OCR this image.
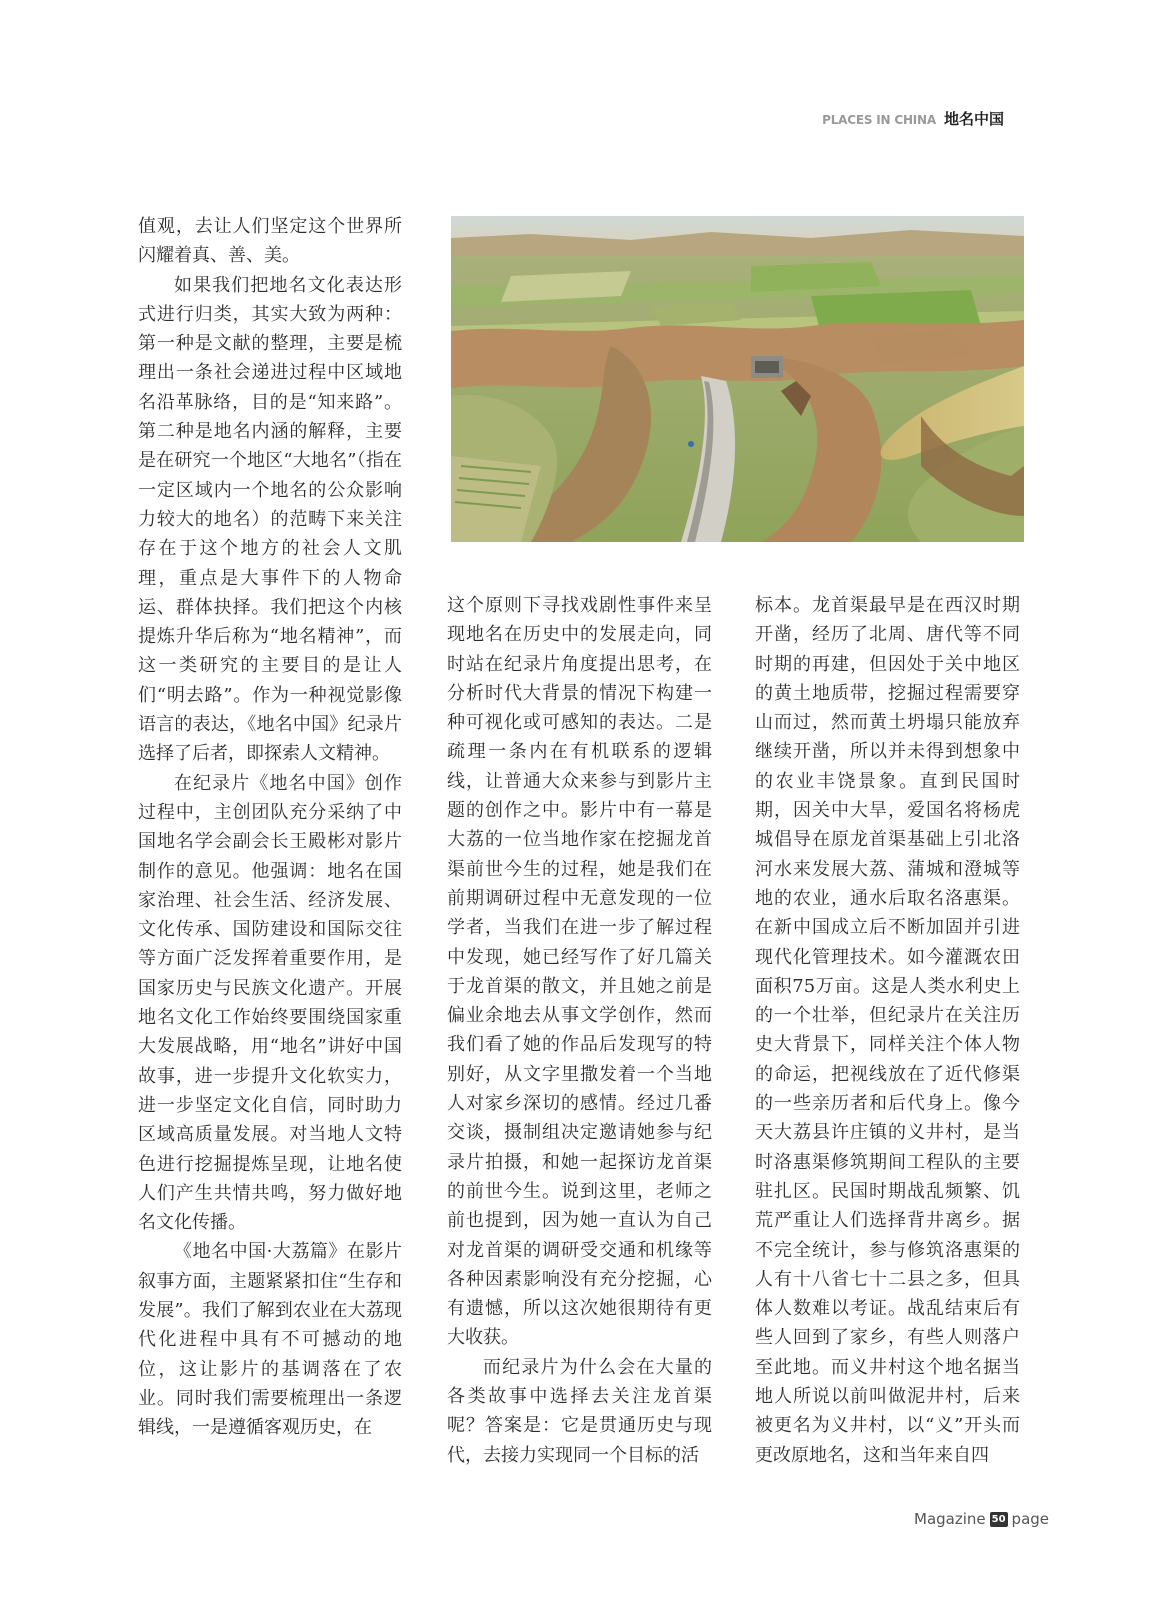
PLACES IN CHINA 地名中国

值观，去让人们坚定这个世界所闪耀着真、善、美。

如果我们把地名文化表达形式进行归类，其实大致为两种：第一种是文献的整理，主要是梳理出一条社会递进过程中区域地名沿革脉络，目的是“知来路”。第二种是地名内涵的解释，主要是在研究一个地区“大地名”（指在一定区域内一个地名的公众影响力较大的地名）的范畴下来关注存在于这个地方的社会人文肌理，重点是大事件下的人物命运、群体抉择。我们把这个内核提炼升华后称为“地名精神”，而这一类研究的主要目的是让人们“明去路”。作为一种视觉影像语言的表达，《地名中国》纪录片选择了后者，即探索人文精神。

在纪录片《地名中国》创作过程中，主创团队充分采纳了中国地名学会副会长王殿彬对影片制作的意见。他强调：地名在国家治理、社会生活、经济发展、文化传承、国防建设和国际交往等方面广泛发挥着重要作用，是国家历史与民族文化遗产。开展地名文化工作始终要围绕国家重大发展战略，用“地名”讲好中国故事，进一步提升文化软实力，进一步坚定文化自信，同时助力区域高质量发展。对当地人文特色进行挖掘提炼呈现，让地名使人们产生共情共鸣，努力做好地名文化传播。

《地名中国·大荔篇》在影片叙事方面，主题紧紧扣住“生存和发展”。我们了解到农业在大荔现代化进程中具有不可撼动的地位，这让影片的基调落在了农业。同时我们需要梳理出一条逻辑线，一是遵循客观历史，在

这个原则下寻找戏剧性事件来呈现地名在历史中的发展走向，同时站在纪录片角度提出思考，在分析时代大背景的情况下构建一种可视化或可感知的表达。二是疏理一条内在有机联系的逻辑线，让普通大众来参与到影片主题的创作之中。影片中有一幕是大荔的一位当地作家在挖掘龙首渠前世今生的过程，她是我们在前期调研过程中无意发现的一位学者，当我们在进一步了解过程中发现，她已经写作了好几篇关于龙首渠的散文，并且她之前是偏业余地去从事文学创作，然而我们看了她的作品后发现写的特别好，从文字里撒发着一个当地人对家乡深切的感情。经过几番交谈，摄制组决定邀请她参与纪录片拍摄，和她一起探访龙首渠的前世今生。说到这里，老师之前也提到，因为她一直认为自己对龙首渠的调研受交通和机缘等各种因素影响没有充分挖掘，心有遗憾，所以这次她很期待有更大收获。

而纪录片为什么会在大量的各类故事中选择去关注龙首渠呢？答案是：它是贯通历史与现代，去接力实现同一个目标的活

标本。龙首渠最早是在西汉时期开凿，经历了北周、唐代等不同时期的再建，但因处于关中地区的黄土地质带，挖掘过程需要穿山而过，然而黄土坍塌只能放弃继续开凿，所以并未得到想象中的农业丰饶景象。直到民国时期，因关中大旱，爱国名将杨虎城倡导在原龙首渠基础上引北洛河水来发展大荔、蒲城和澄城等地的农业，通水后取名洛惠渠。在新中国成立后不断加固并引进现代化管理技术。如今灌溉农田面积75万亩。这是人类水利史上的一个壮举，但纪录片在关注历史大背景下，同样关注个体人物的命运，把视线放在了近代修渠的一些亲历者和后代身上。像今天大荔县许庄镇的义井村，是当时洛惠渠修筑期间工程队的主要驻扎区。民国时期战乱频繁、饥荒严重让人们选择背井离乡。据不完全统计，参与修筑洛惠渠的人有十八省七十二县之多，但具体人数难以考证。战乱结束后有些人回到了家乡，有些人则落户至此地。而义井村这个地名据当地人所说以前叫做泥井村，后来被更名为义井村，以“义”开头而更改原地名，这和当年来自四

Magazine 50 page
